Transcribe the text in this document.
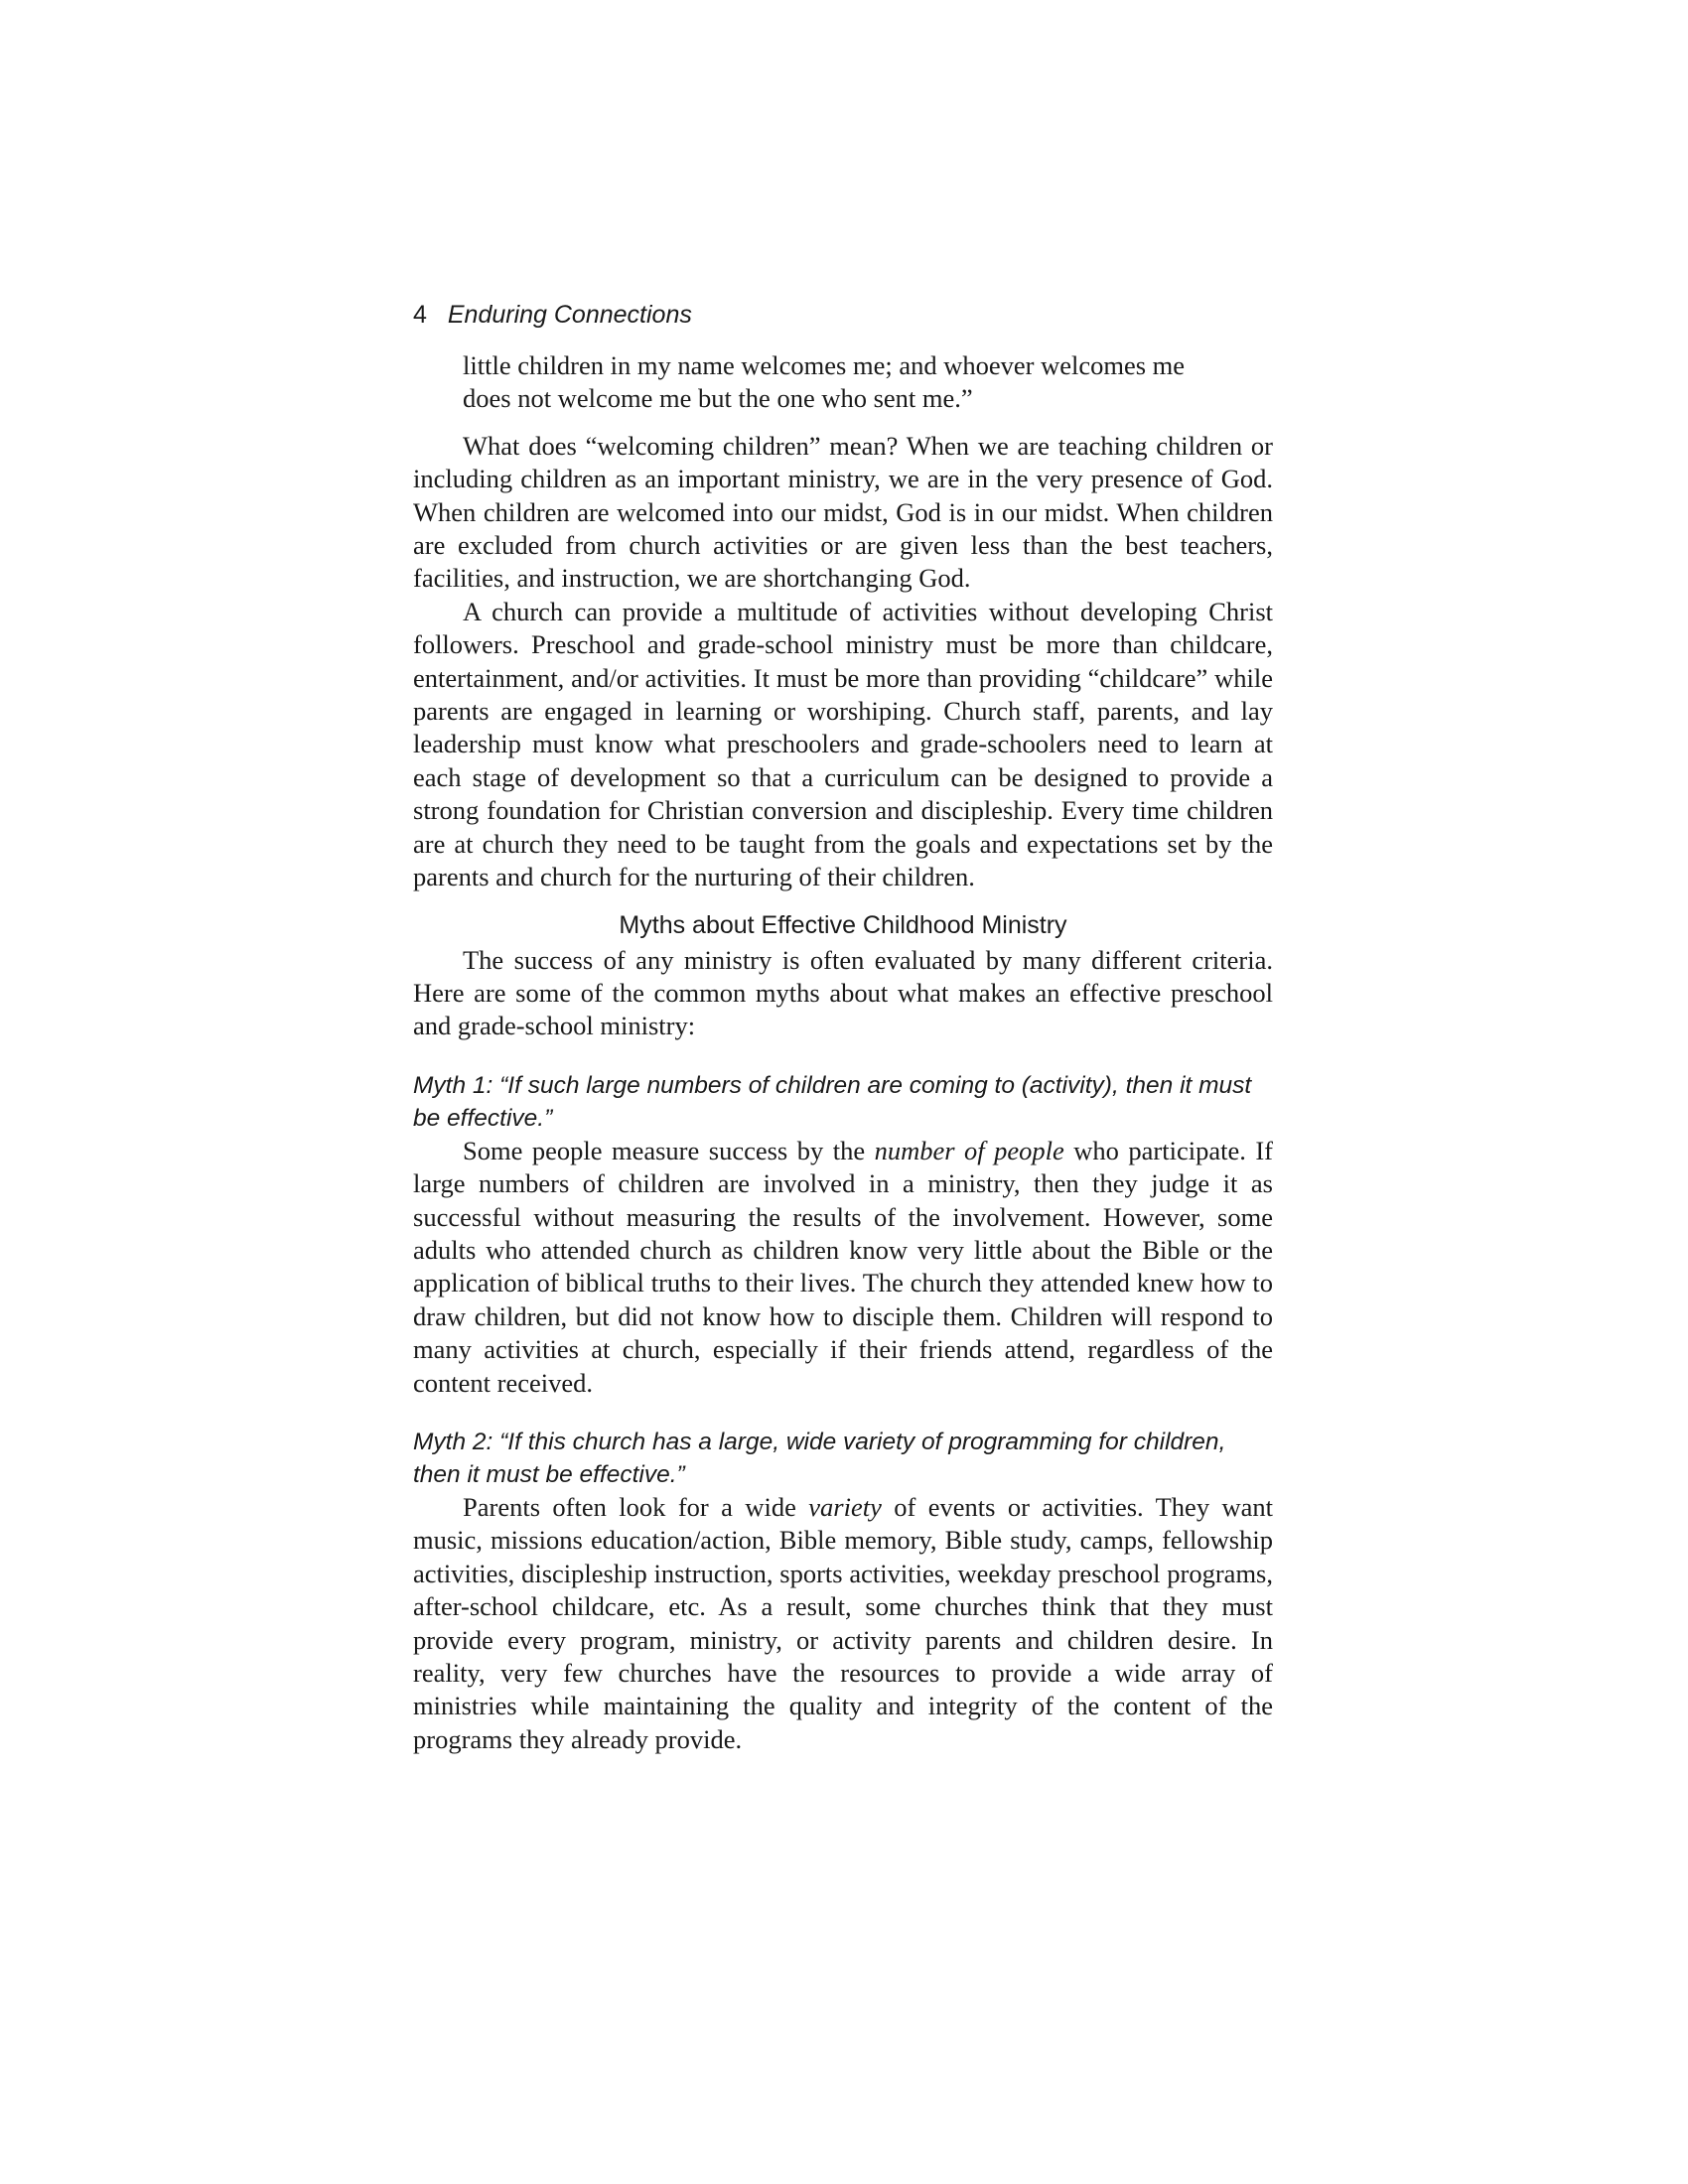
4 Enduring Connections

little children in my name welcomes me; and whoever welcomes me does not welcome me but the one who sent me.”

What does “welcoming children” mean? When we are teaching children or including children as an important ministry, we are in the very presence of God. When children are welcomed into our midst, God is in our midst. When children are excluded from church activities or are given less than the best teachers, facilities, and instruction, we are shortchanging God.

A church can provide a multitude of activities without developing Christ followers. Preschool and grade-school ministry must be more than childcare, entertainment, and/or activities. It must be more than providing “childcare” while parents are engaged in learning or worshiping. Church staff, parents, and lay leadership must know what preschoolers and grade-schoolers need to learn at each stage of development so that a curriculum can be designed to provide a strong foundation for Christian conversion and discipleship. Every time children are at church they need to be taught from the goals and expectations set by the parents and church for the nurturing of their children.

Myths about Effective Childhood Ministry

The success of any ministry is often evaluated by many different criteria. Here are some of the common myths about what makes an effective preschool and grade-school ministry:

Myth 1: “If such large numbers of children are coming to (activity), then it must be effective.”

Some people measure success by the number of people who participate. If large numbers of children are involved in a ministry, then they judge it as successful without measuring the results of the involvement. However, some adults who attended church as children know very little about the Bible or the application of biblical truths to their lives. The church they attended knew how to draw children, but did not know how to disciple them. Children will respond to many activities at church, especially if their friends attend, regardless of the content received.

Myth 2: “If this church has a large, wide variety of programming for children, then it must be effective.”

Parents often look for a wide variety of events or activities. They want music, missions education/action, Bible memory, Bible study, camps, fellowship activities, discipleship instruction, sports activities, weekday preschool programs, after-school childcare, etc. As a result, some churches think that they must provide every program, ministry, or activity parents and children desire. In reality, very few churches have the resources to provide a wide array of ministries while maintaining the quality and integrity of the content of the programs they already provide.
